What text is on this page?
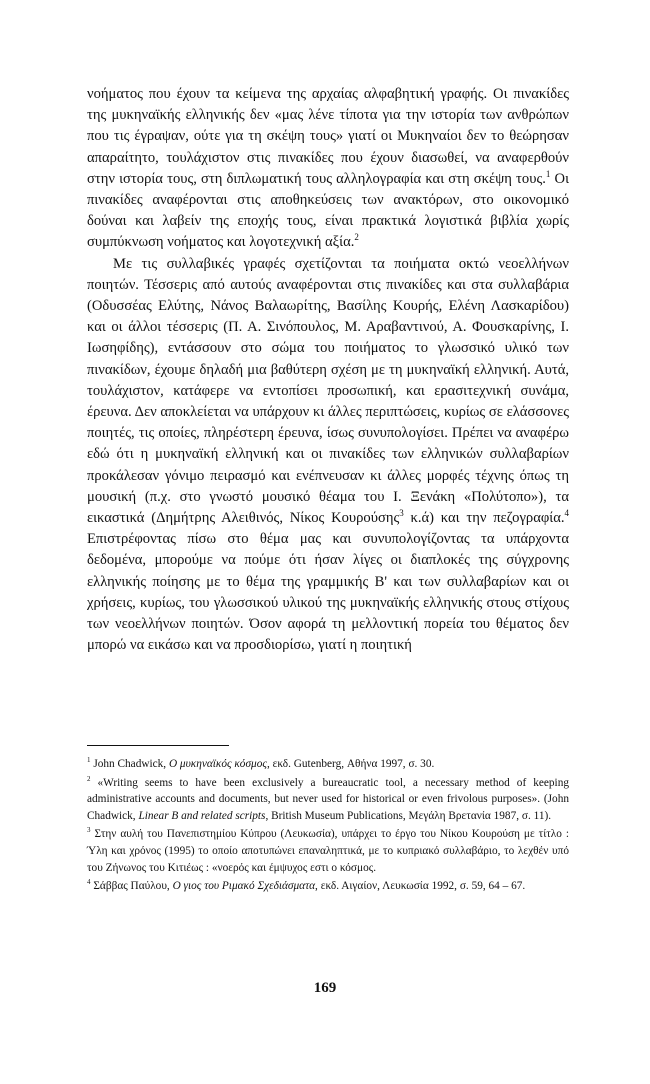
νοήματος που έχουν τα κείμενα της αρχαίας αλφαβητική γραφής. Οι πινακίδες της μυκηναϊκής ελληνικής δεν «μας λένε τίποτα για την ιστορία των ανθρώπων που τις έγραψαν, ούτε για τη σκέψη τους» γιατί οι Μυκηναίοι δεν το θεώρησαν απαραίτητο, τουλάχιστον στις πινακίδες που έχουν διασωθεί, να αναφερθούν στην ιστορία τους, στη διπλωματική τους αλληλογραφία και στη σκέψη τους.$^1$ Οι πινακίδες αναφέρονται στις αποθηκεύσεις των ανακτόρων, στο οικονομικό δούναι και λαβείν της εποχής τους, είναι πρακτικά λογιστικά βιβλία χωρίς συμπύκνωση νοήματος και λογοτεχνική αξία.$^2$

Με τις συλλαβικές γραφές σχετίζονται τα ποιήματα οκτώ νεοελλήνων ποιητών. Τέσσερις από αυτούς αναφέρονται στις πινακίδες και στα συλλαβάρια (Οδυσσέας Ελύτης, Νάνος Βαλαωρίτης, Βασίλης Κουρής, Ελένη Λασκαρίδου) και οι άλλοι τέσσερις (Π. Α. Σινόπουλος, Μ. Αραβαντινού, Α. Φουσκαρίνης, Ι. Ιωσηφίδης), εντάσσουν στο σώμα του ποιήματος το γλωσσικό υλικό των πινακίδων, έχουμε δηλαδή μια βαθύτερη σχέση με τη μυκηναϊκή ελληνική. Αυτά, τουλάχιστον, κατάφερε να εντοπίσει προσωπική, και ερασιτεχνική συνάμα, έρευνα. Δεν αποκλείεται να υπάρχουν κι άλλες περιπτώσεις, κυρίως σε ελάσσονες ποιητές, τις οποίες, πληρέστερη έρευνα, ίσως συνυπολογίσει. Πρέπει να αναφέρω εδώ ότι η μυκηναϊκή ελληνική και οι πινακίδες των ελληνικών συλλαβαρίων προκάλεσαν γόνιμο πειρασμό και ενέπνευσαν κι άλλες μορφές τέχνης όπως τη μουσική (π.χ. στο γνωστό μουσικό θέαμα του Ι. Ξενάκη «Πολύτοπο»), τα εικαστικά (Δημήτρης Αλειθινός, Νίκος Κουρούσης$^3$ κ.ά) και την πεζογραφία.$^4$ Επιστρέφοντας πίσω στο θέμα μας και συνυπολογίζοντας τα υπάρχοντα δεδομένα, μπορούμε να πούμε ότι ήσαν λίγες οι διαπλοκές της σύγχρονης ελληνικής ποίησης με το θέμα της γραμμικής Β' και των συλλαβαρίων και οι χρήσεις, κυρίως, του γλωσσικού υλικού της μυκηναϊκής ελληνικής στους στίχους των νεοελλήνων ποιητών. Όσον αφορά τη μελλοντική πορεία του θέματος δεν μπορώ να εικάσω και να προσδιορίσω, γιατί η ποιητική

$^1$ John Chadwick, Ο μυκηναϊκός κόσμος, εκδ. Gutenberg, Αθήνα 1997, σ. 30.

$^2$ «Writing seems to have been exclusively a bureaucratic tool, a necessary method of keeping administrative accounts and documents, but never used for historical or even frivolous purposes». (John Chadwick, Linear B and related scripts, British Museum Publications, Μεγάλη Βρετανία 1987, σ. 11).

$^3$ Στην αυλή του Πανεπιστημίου Κύπρου (Λευκωσία), υπάρχει το έργο του Νίκου Κουρούση με τίτλο : Ύλη και χρόνος (1995) το οποίο αποτυπώνει επαναληπτικά, με το κυπριακό συλλαβάριο, το λεχθέν υπό του Ζήνωνος του Κιτιέως : «νοερός και έμψυχος εστι ο κόσμος.

$^4$ Σάββας Παύλου, Ο γιος του Ριμακό Σχεδιάσματα, εκδ. Αιγαίον, Λευκωσία 1992, σ. 59, 64 – 67.

169
